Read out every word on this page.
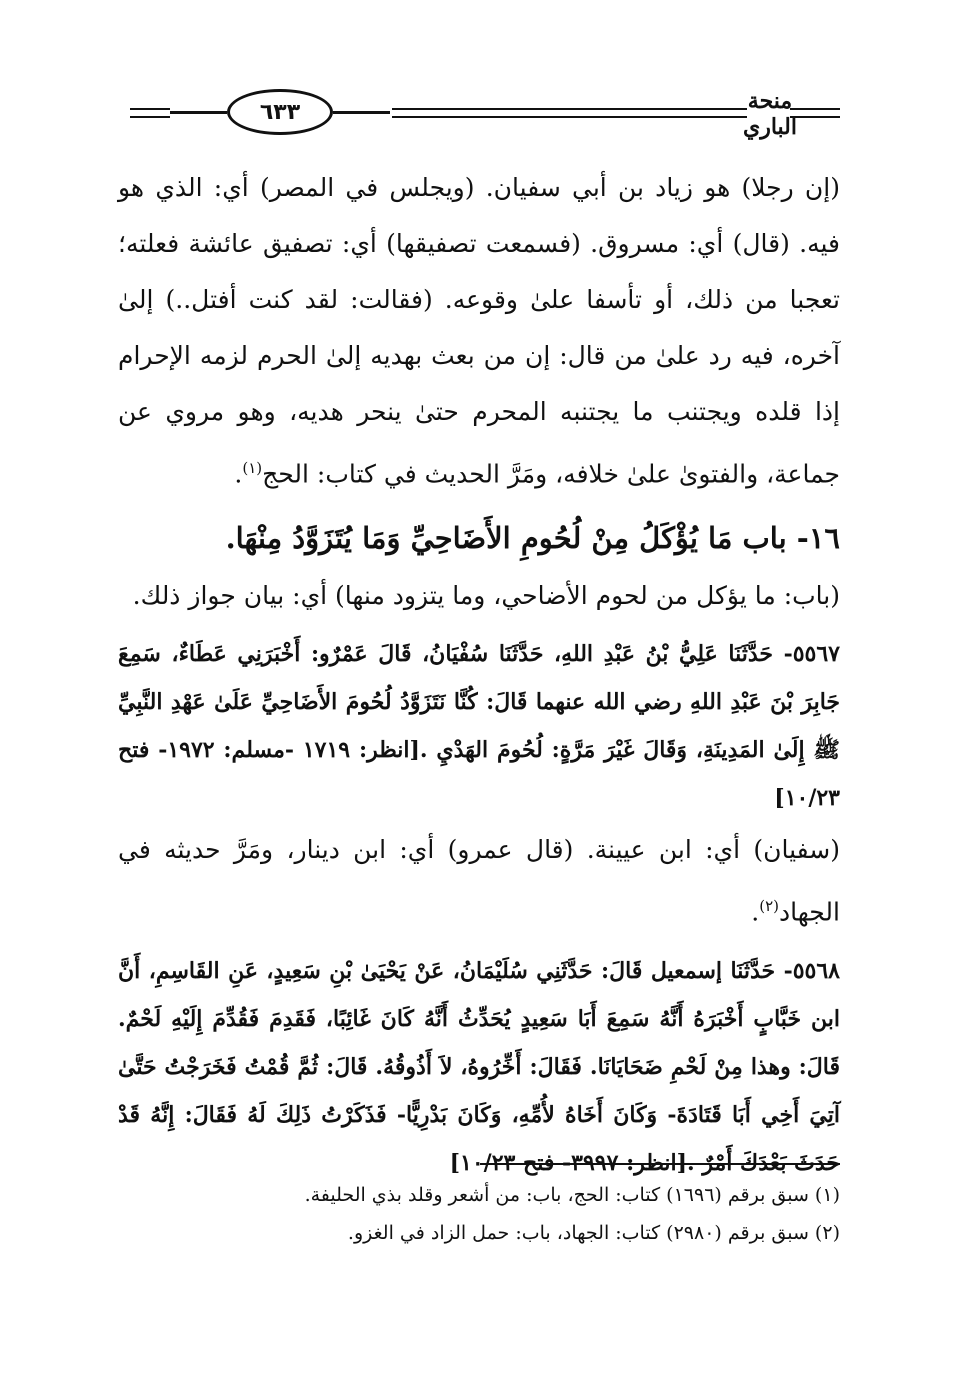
٦٣٣	منحة الباري

(إن رجلا) هو زياد بن أبي سفيان. (ويجلس في المصر) أي: الذي هو فيه. (قال) أي: مسروق. (فسمعت تصفيقها) أي: تصفيق عائشة فعلته؛ تعجبا من ذلك، أو تأسفا علىٰ وقوعه. (فقالت: لقد كنت أفتل..) إلىٰ آخره، فيه رد علىٰ من قال: إن من بعث بهديه إلىٰ الحرم لزمه الإحرام إذا قلده ويجتنب ما يجتنبه المحرم حتىٰ ينحر هديه، وهو مروي عن جماعة، والفتوىٰ علىٰ خلافه، ومَرَّ الحديث في كتاب: الحج$^{(١)}$.

١٦- باب مَا يُؤْكَلُ مِنْ لُحُومِ الأَضَاحِيِّ وَمَا يُتَزَوَّدُ مِنْهَا.

(باب: ما يؤكل من لحوم الأضاحي، وما يتزود منها) أي: بيان جواز ذلك.

٥٥٦٧- حَدَّثَنَا عَلِيُّ بْنُ عَبْدِ اللهِ، حَدَّثَنَا سُفْيَانُ، قَالَ عَمْرٌو: أَخْبَرَنِي عَطَاءٌ، سَمِعَ جَابِرَ بْنَ عَبْدِ اللهِ رضي الله عنهما قَالَ: كُنَّا نَتَزَوَّدُ لُحُومَ الأَضَاحِيِّ عَلَىٰ عَهْدِ النَّبِيِّ ﷺ إِلَىٰ المَدِينَةِ، وَقَالَ غَيْرَ مَرَّةٍ: لُحُومَ الهَدْيِ .[انظر: ١٧١٩ -مسلم: ١٩٧٢- فتح ١٠/٢٣]

(سفيان) أي: ابن عيينة. (قال عمرو) أي: ابن دينار، ومَرَّ حديثه في الجهاد$^{(٢)}$.

٥٥٦٨- حَدَّثَنَا إسمعيل قَالَ: حَدَّثَنِي سُلَيْمَانُ، عَنْ يَحْيَىٰ بْنِ سَعِيدٍ، عَنِ القَاسِمِ، أَنَّ ابن خَبَّابٍ أَخْبَرَهُ أَنَّهُ سَمِعَ أَبَا سَعِيدٍ يُحَدِّثُ أَنَّهُ كَانَ غَائِبًا، فَقَدِمَ فَقُدِّمَ إِلَيْهِ لَحْمٌ. قَالَ: وهذا مِنْ لَحْمِ ضَحَايَانَا. فَقَالَ: أَخِّرُوهُ، لاَ أَذُوقُهُ. قَالَ: ثُمَّ قُمْتُ فَخَرَجْتُ حَتَّىٰ آتِيَ أَخِي أَبَا قَتَادَةَ- وَكَانَ أَخَاهُ لأُمِّهِ، وَكَانَ بَدْرِيًّا- فَذَكَرْتُ ذَلِكَ لَهُ فَقَالَ: إِنَّهُ قَدْ حَدَثَ بَعْدَكَ أَمْرٌ .[انظر: ٣٩٩٧- فتح ١٠/٢٣]

(١) سبق برقم (١٦٩٦) كتاب: الحج، باب: من أشعر وقلد بذي الحليفة.

(٢) سبق برقم (٢٩٨٠) كتاب: الجهاد، باب: حمل الزاد في الغزو.
